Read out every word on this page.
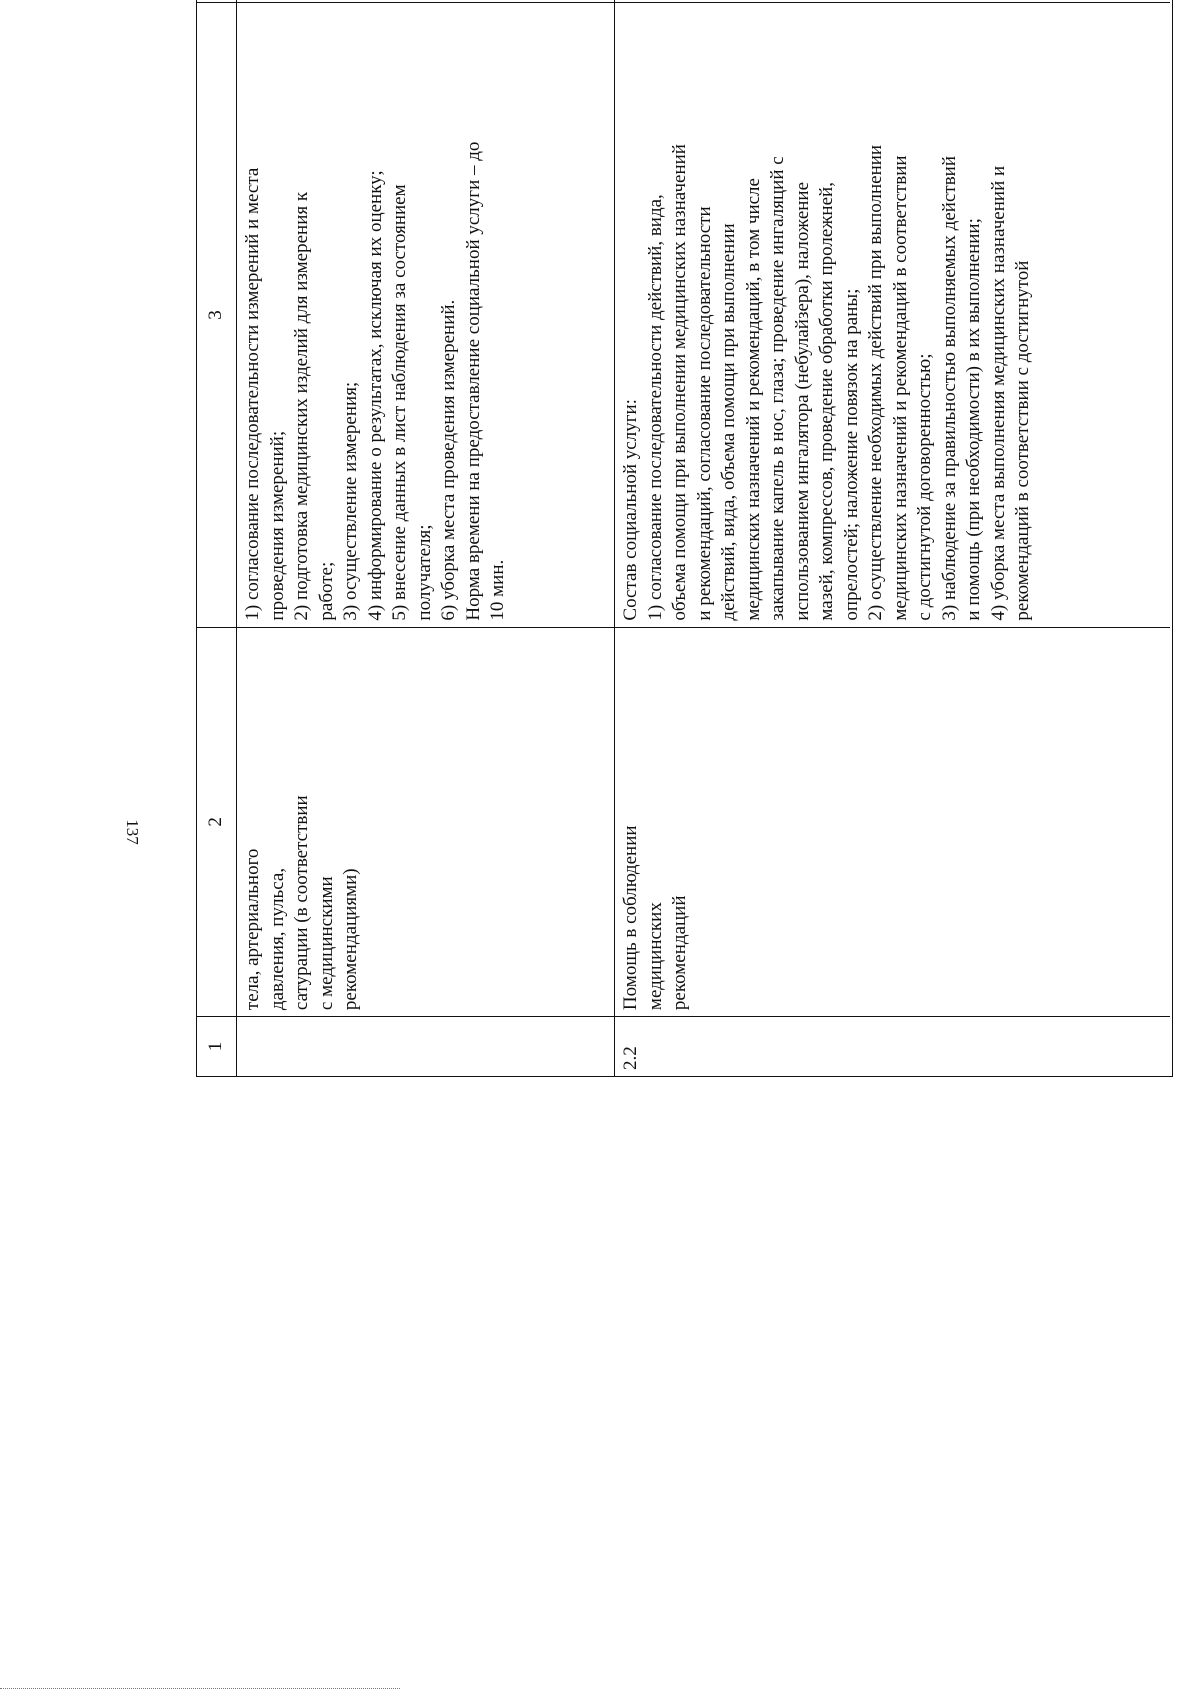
137
1
2
3
тела, артериального давления, пульса, сатурации (в соответствии с медицинскими рекомендациями)
1) согласование последовательности измерений и места проведения измерений; 2) подготовка медицинских изделий для измерения к работе; 3) осуществление измерения; 4) информирование о результатах, исключая их оценку; 5) внесение данных в лист наблюдения за состоянием получателя; 6) уборка места проведения измерений. Норма времени на предоставление социальной услуги – до 10 мин.
2.2
Помощь в соблюдении медицинских рекомендаций
Состав социальной услуги: 1) согласование последовательности действий, вида, объема помощи при выполнении медицинских назначений и рекомендаций, согласование последовательности действий, вида, объема помощи при выполнении медицинских назначений и рекомендаций, в том числе закапывание капель в нос, глаза; проведение ингаляций с использованием ингалятора (небулайзера), наложение мазей, компрессов, проведение обработки пролежней, опрелостей; наложение повязок на раны; 2) осуществление необходимых действий при выполнении медицинских назначений и рекомендаций в соответствии с достигнутой договоренностью; 3) наблюдение за правильностью выполняемых действий и помощь (при необходимости) в их выполнении; 4) уборка места выполнения медицинских назначений и рекомендаций в соответствии с достигнутой
